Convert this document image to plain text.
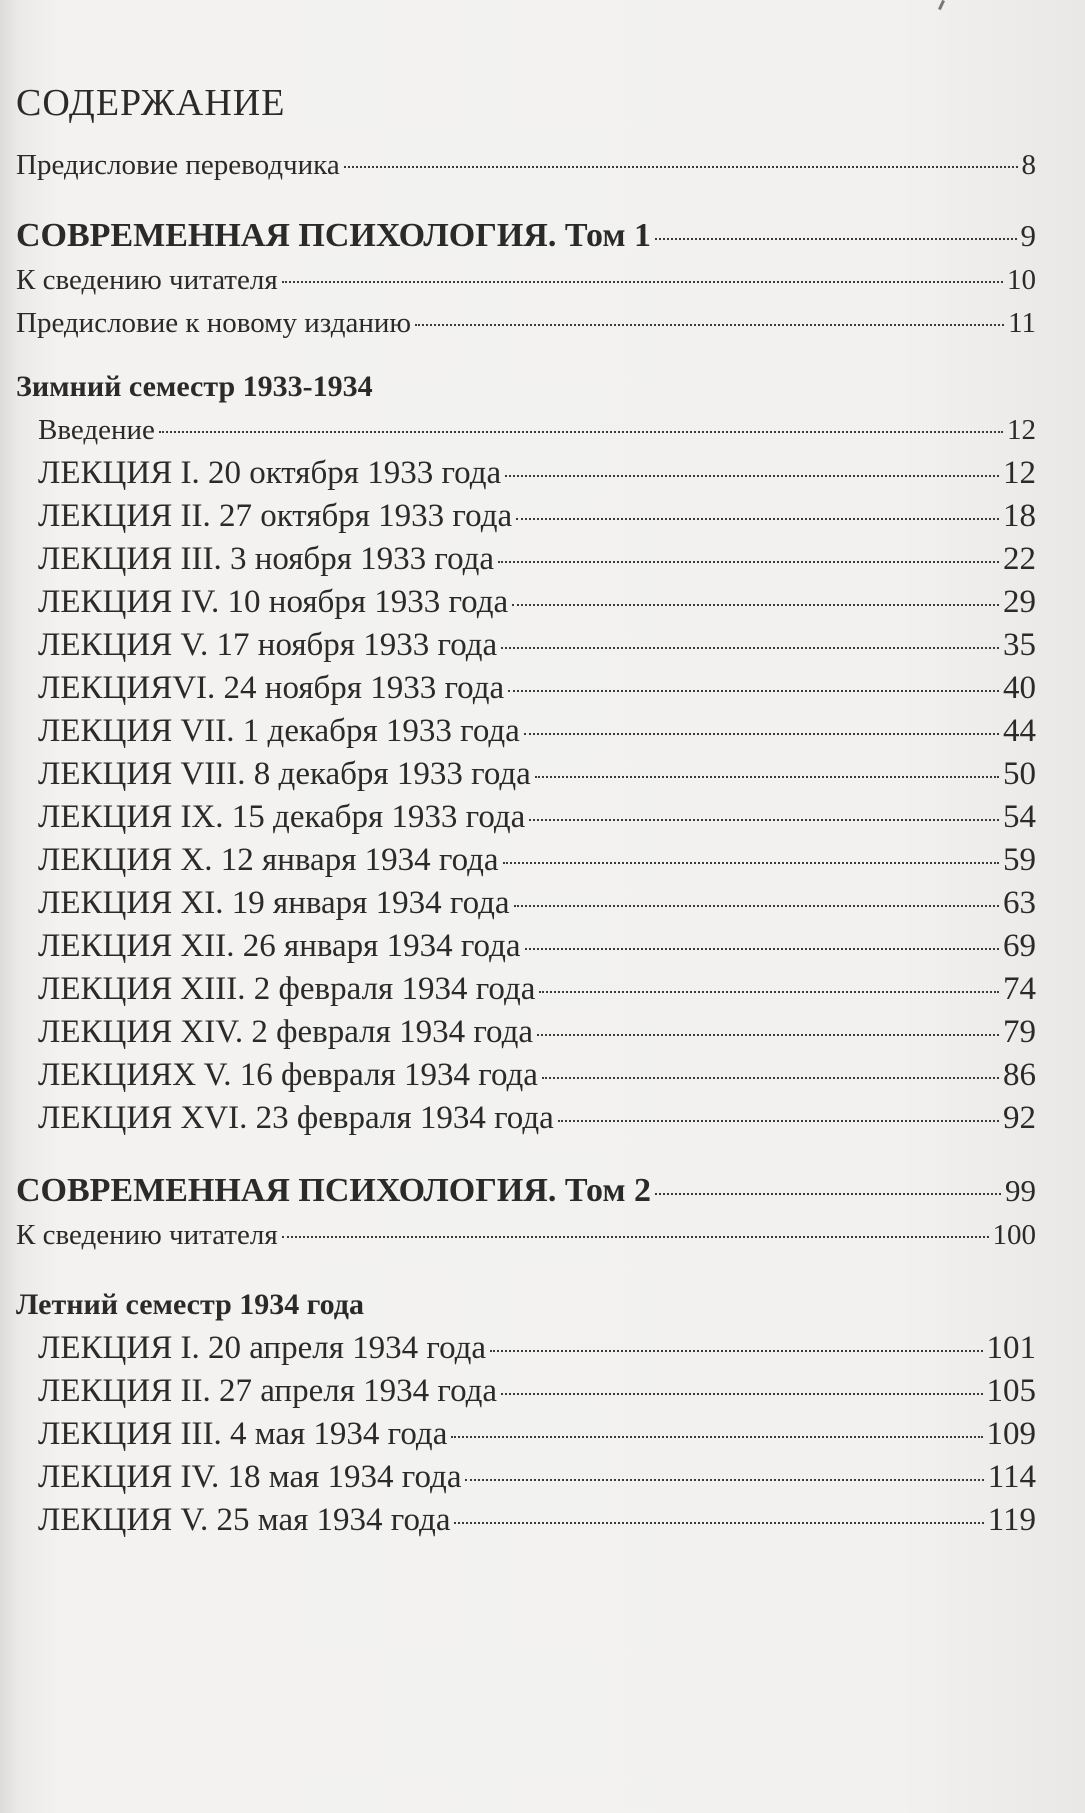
СОДЕРЖАНИЕ
Предисловие переводчика	8
СОВРЕМЕННАЯ ПСИХОЛОГИЯ. Том 1	9
К сведению читателя	10
Предисловие к новому изданию	11
Зимний семестр 1933-1934
Введение	12
ЛЕКЦИЯ I. 20 октября 1933 года	12
ЛЕКЦИЯ II. 27 октября 1933 года	18
ЛЕКЦИЯ III. 3 ноября 1933 года	22
ЛЕКЦИЯ IV. 10 ноября 1933 года	29
ЛЕКЦИЯ V. 17 ноября 1933 года	35
ЛЕКЦИЯVI. 24 ноября 1933 года	40
ЛЕКЦИЯ VII. 1 декабря 1933 года	44
ЛЕКЦИЯ VIII. 8 декабря 1933 года	50
ЛЕКЦИЯ IX. 15 декабря 1933 года	54
ЛЕКЦИЯ X. 12 января 1934 года	59
ЛЕКЦИЯ XI. 19 января 1934 года	63
ЛЕКЦИЯ XII. 26 января 1934 года	69
ЛЕКЦИЯ XIII. 2 февраля 1934 года	74
ЛЕКЦИЯ XIV. 2 февраля 1934 года	79
ЛЕКЦИЯX V. 16 февраля 1934 года	86
ЛЕКЦИЯ XVI. 23 февраля 1934 года	92
СОВРЕМЕННАЯ ПСИХОЛОГИЯ. Том 2	99
К сведению читателя	100
Летний семестр 1934 года
ЛЕКЦИЯ I. 20 апреля 1934 года	101
ЛЕКЦИЯ II. 27 апреля 1934 года	105
ЛЕКЦИЯ III. 4 мая 1934 года	109
ЛЕКЦИЯ IV. 18 мая 1934 года	114
ЛЕКЦИЯ V. 25 мая 1934 года	119
